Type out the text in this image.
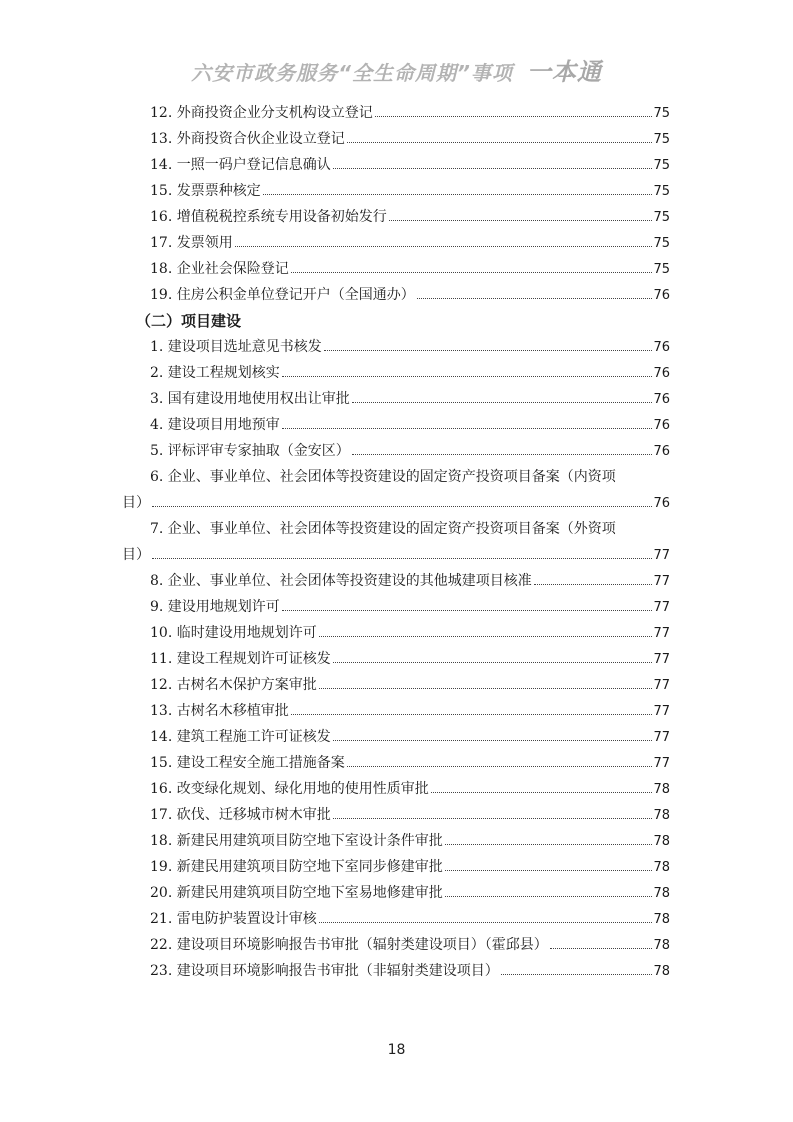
六安市政务服务“全生命周期”事项 一本通
12. 外商投资企业分支机构设立登记	75
13. 外商投资合伙企业设立登记	75
14. 一照一码户登记信息确认	75
15. 发票票种核定	75
16. 增值税税控系统专用设备初始发行	75
17. 发票领用	75
18. 企业社会保险登记	75
19. 住房公积金单位登记开户（全国通办）	76
（二）项目建设
1. 建设项目选址意见书核发	76
2. 建设工程规划核实	76
3. 国有建设用地使用权出让审批	76
4. 建设项目用地预审	76
5. 评标评审专家抽取（金安区）	76
6. 企业、事业单位、社会团体等投资建设的固定资产投资项目备案（内资项
目）	76
7. 企业、事业单位、社会团体等投资建设的固定资产投资项目备案（外资项
目）	77
8. 企业、事业单位、社会团体等投资建设的其他城建项目核准	77
9. 建设用地规划许可	77
10. 临时建设用地规划许可	77
11. 建设工程规划许可证核发	77
12. 古树名木保护方案审批	77
13. 古树名木移植审批	77
14. 建筑工程施工许可证核发	77
15. 建设工程安全施工措施备案	77
16. 改变绿化规划、绿化用地的使用性质审批	78
17. 砍伐、迁移城市树木审批	78
18. 新建民用建筑项目防空地下室设计条件审批	78
19. 新建民用建筑项目防空地下室同步修建审批	78
20. 新建民用建筑项目防空地下室易地修建审批	78
21. 雷电防护装置设计审核	78
22. 建设项目环境影响报告书审批（辐射类建设项目）（霍邱县）	78
23. 建设项目环境影响报告书审批（非辐射类建设项目）	78
18
